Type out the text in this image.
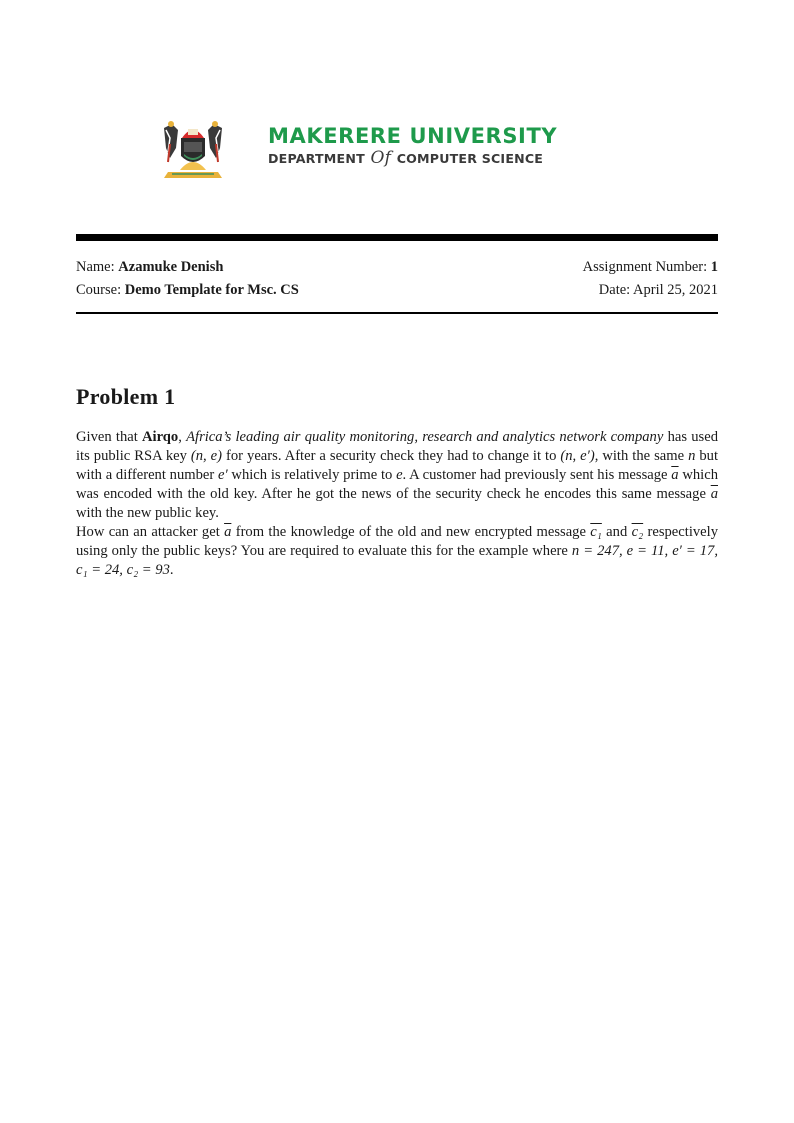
MAKERERE UNIVERSITY
DEPARTMENT Of COMPUTER SCIENCE
Name: Azamuke Denish	Assignment Number: 1
Course: Demo Template for Msc. CS	Date: April 25, 2021
Problem 1

Given that Airqo, Africa’s leading air quality monitoring, research and analytics network company has used its public RSA key (n, e) for years. After a security check they had to change it to (n, e′), with the same n but with a different number e′ which is relatively prime to e. A customer had previously sent his message $\overline{a}$ which was encoded with the old key. After he got the news of the security check he encodes this same message $\overline{a}$ with the new public key.

How can an attacker get $\overline{a}$ from the knowledge of the old and new encrypted message c₁ and c₂ respectively using only the public keys? You are required to evaluate this for the example where n = 247, e = 11, e′ = 17, c₁ = 24, c₂ = 93.
